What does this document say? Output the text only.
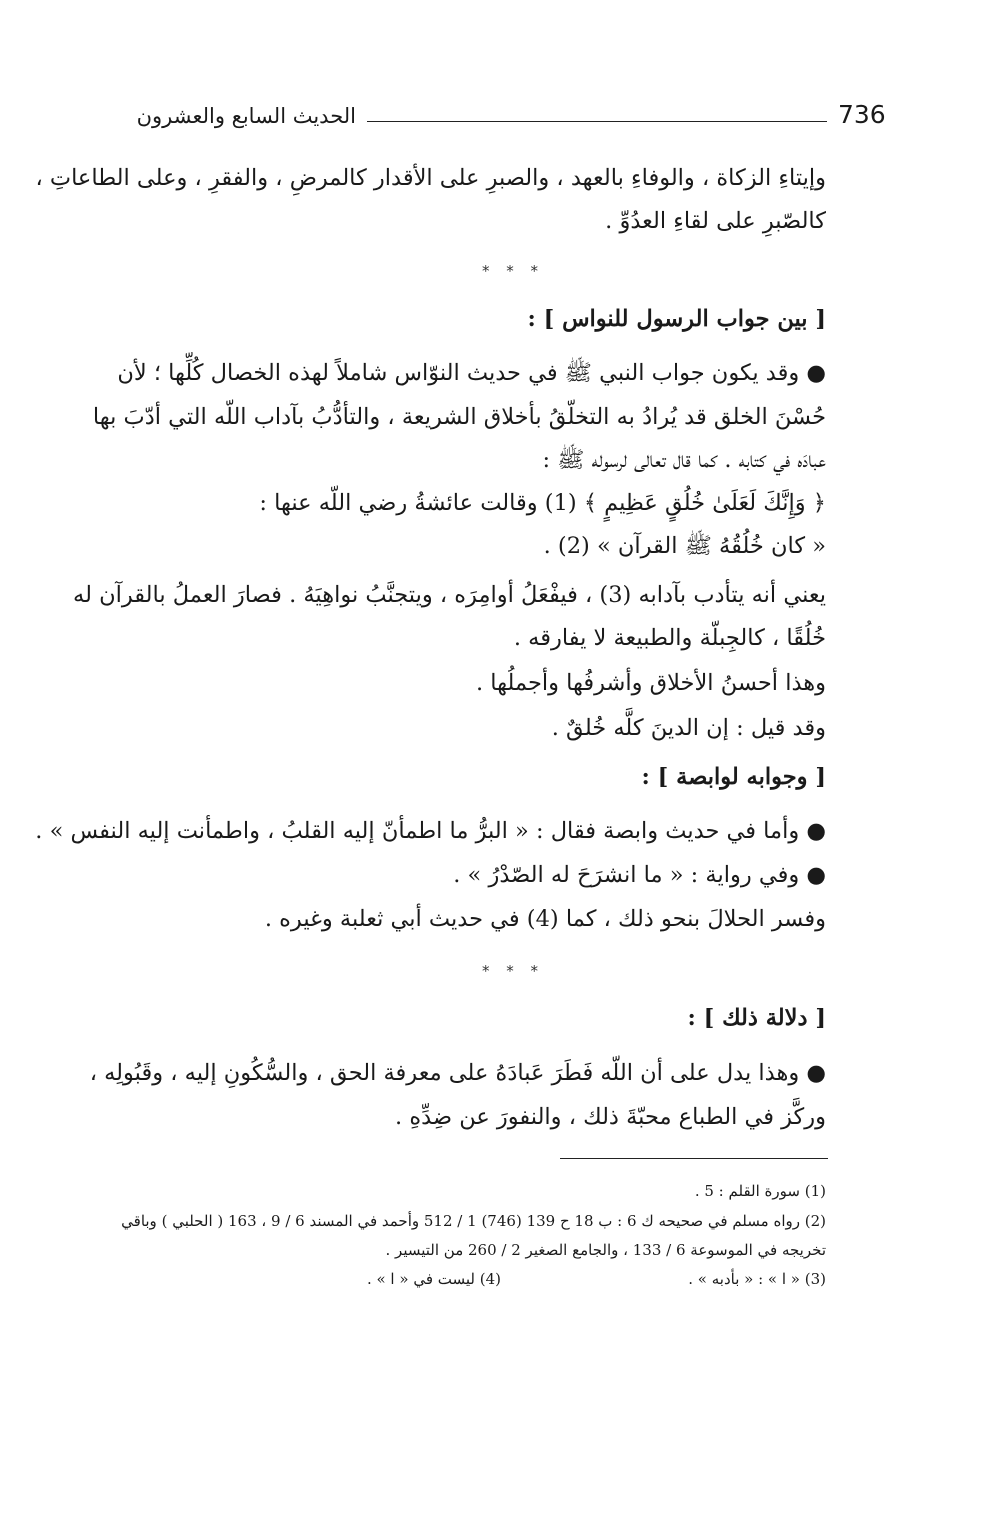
736
الحديث السابع والعشرون
وإيتاءِ الزكاة ، والوفاءِ بالعهد ، والصبرِ على الأقدار كالمرضِ ، والفقرِ ، وعلى الطاعاتِ ،
كالصّبرِ على لقاءِ العدُوِّ .
* * *
[ بين جواب الرسول للنواس ] :
● وقد يكون جواب النبي ﷺ في حديث النوّاس شاملاً لهذه الخصال كُلِّها ؛ لأن
حُسْنَ الخلق قد يُرادُ به التخلّقُ بأخلاق الشريعة ، والتأدُّبُ بآداب اللّه التي أدّبَ بها
عبادَه في كتابه . كما قال تعالى لرسوله ﷺ :
﴿ وَإِنَّكَ لَعَلَىٰ خُلُقٍ عَظِيمٍ ﴾ (1) وقالت عائشةُ رضي اللّه عنها :
« كان خُلُقُهُ ﷺ القرآن » (2) .
يعني أنه يتأدب بآدابه (3) ، فيفْعَلُ أوامِرَه ، ويتجنَّبُ نواهِيَهُ . فصارَ العملُ بالقرآن له
خُلُقًا ، كالجِبلّة والطبيعة لا يفارقه .
وهذا أحسنُ الأخلاق وأشرفُها وأجملُها .
وقد قيل : إن الدينَ كلَّه خُلقٌ .
[ وجوابه لوابصة ] :
● وأما في حديث وابصة فقال : « البرُّ ما اطمأنّ إليه القلبُ ، واطمأنت إليه النفس » .
● وفي رواية : « ما انشرَحَ له الصّدْرُ » .
وفسر الحلالَ بنحو ذلك ، كما (4) في حديث أبي ثعلبة وغيره .
* * *
[ دلالة ذلك ] :
● وهذا يدل على أن اللّه فَطَرَ عَبادَهُ على معرفة الحق ، والسُّكُونِ إليه ، وقَبُولِه ،
وركَّز في الطباع محبّةَ ذلك ، والنفورَ عن ضِدِّهِ .
(1) سورة القلم : 5 .
(2) رواه مسلم في صحيحه ك 6 : ب 18 ح 139 (746) 1 / 512 وأحمد في المسند 6 / 9 ، 163 ( الحلبي ) وباقي
تخريجه في الموسوعة 6 / 133 ، والجامع الصغير 2 / 260 من التيسير .
(3) « ا » : « بأدبه » .
(4) ليست في « ا » .
